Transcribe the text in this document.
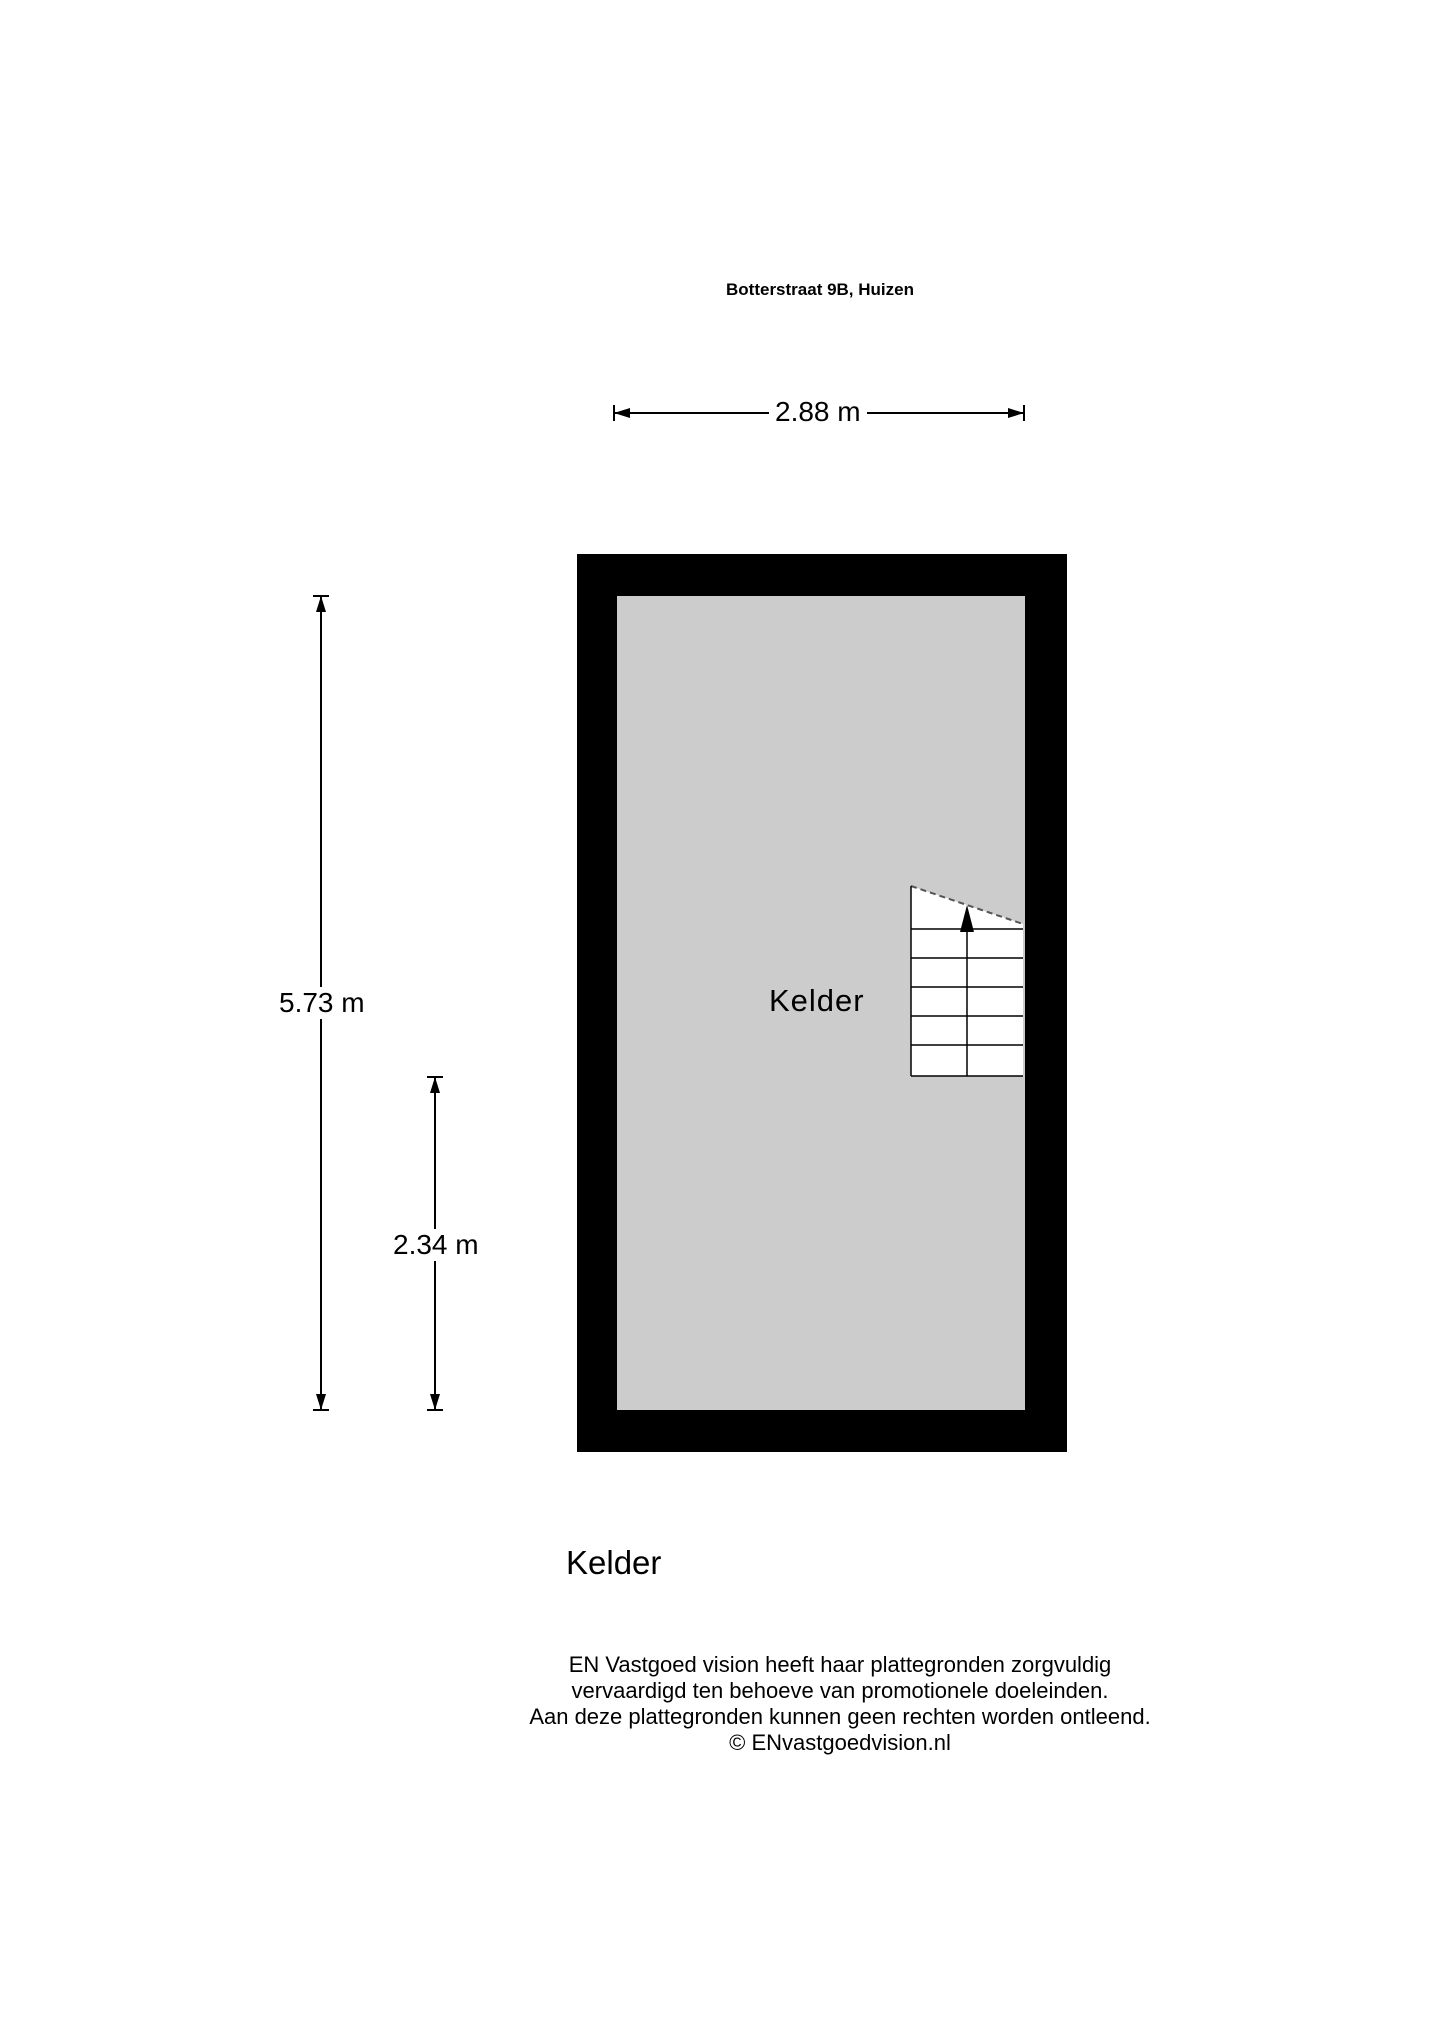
Botterstraat 9B, Huizen
2.88 m
5.73 m
2.34 m
Kelder
Kelder
EN Vastgoed vision heeft haar plattegronden zorgvuldig
vervaardigd ten behoeve van promotionele doeleinden.
Aan deze plattegronden kunnen geen rechten worden ontleend.
© ENvastgoedvision.nl
